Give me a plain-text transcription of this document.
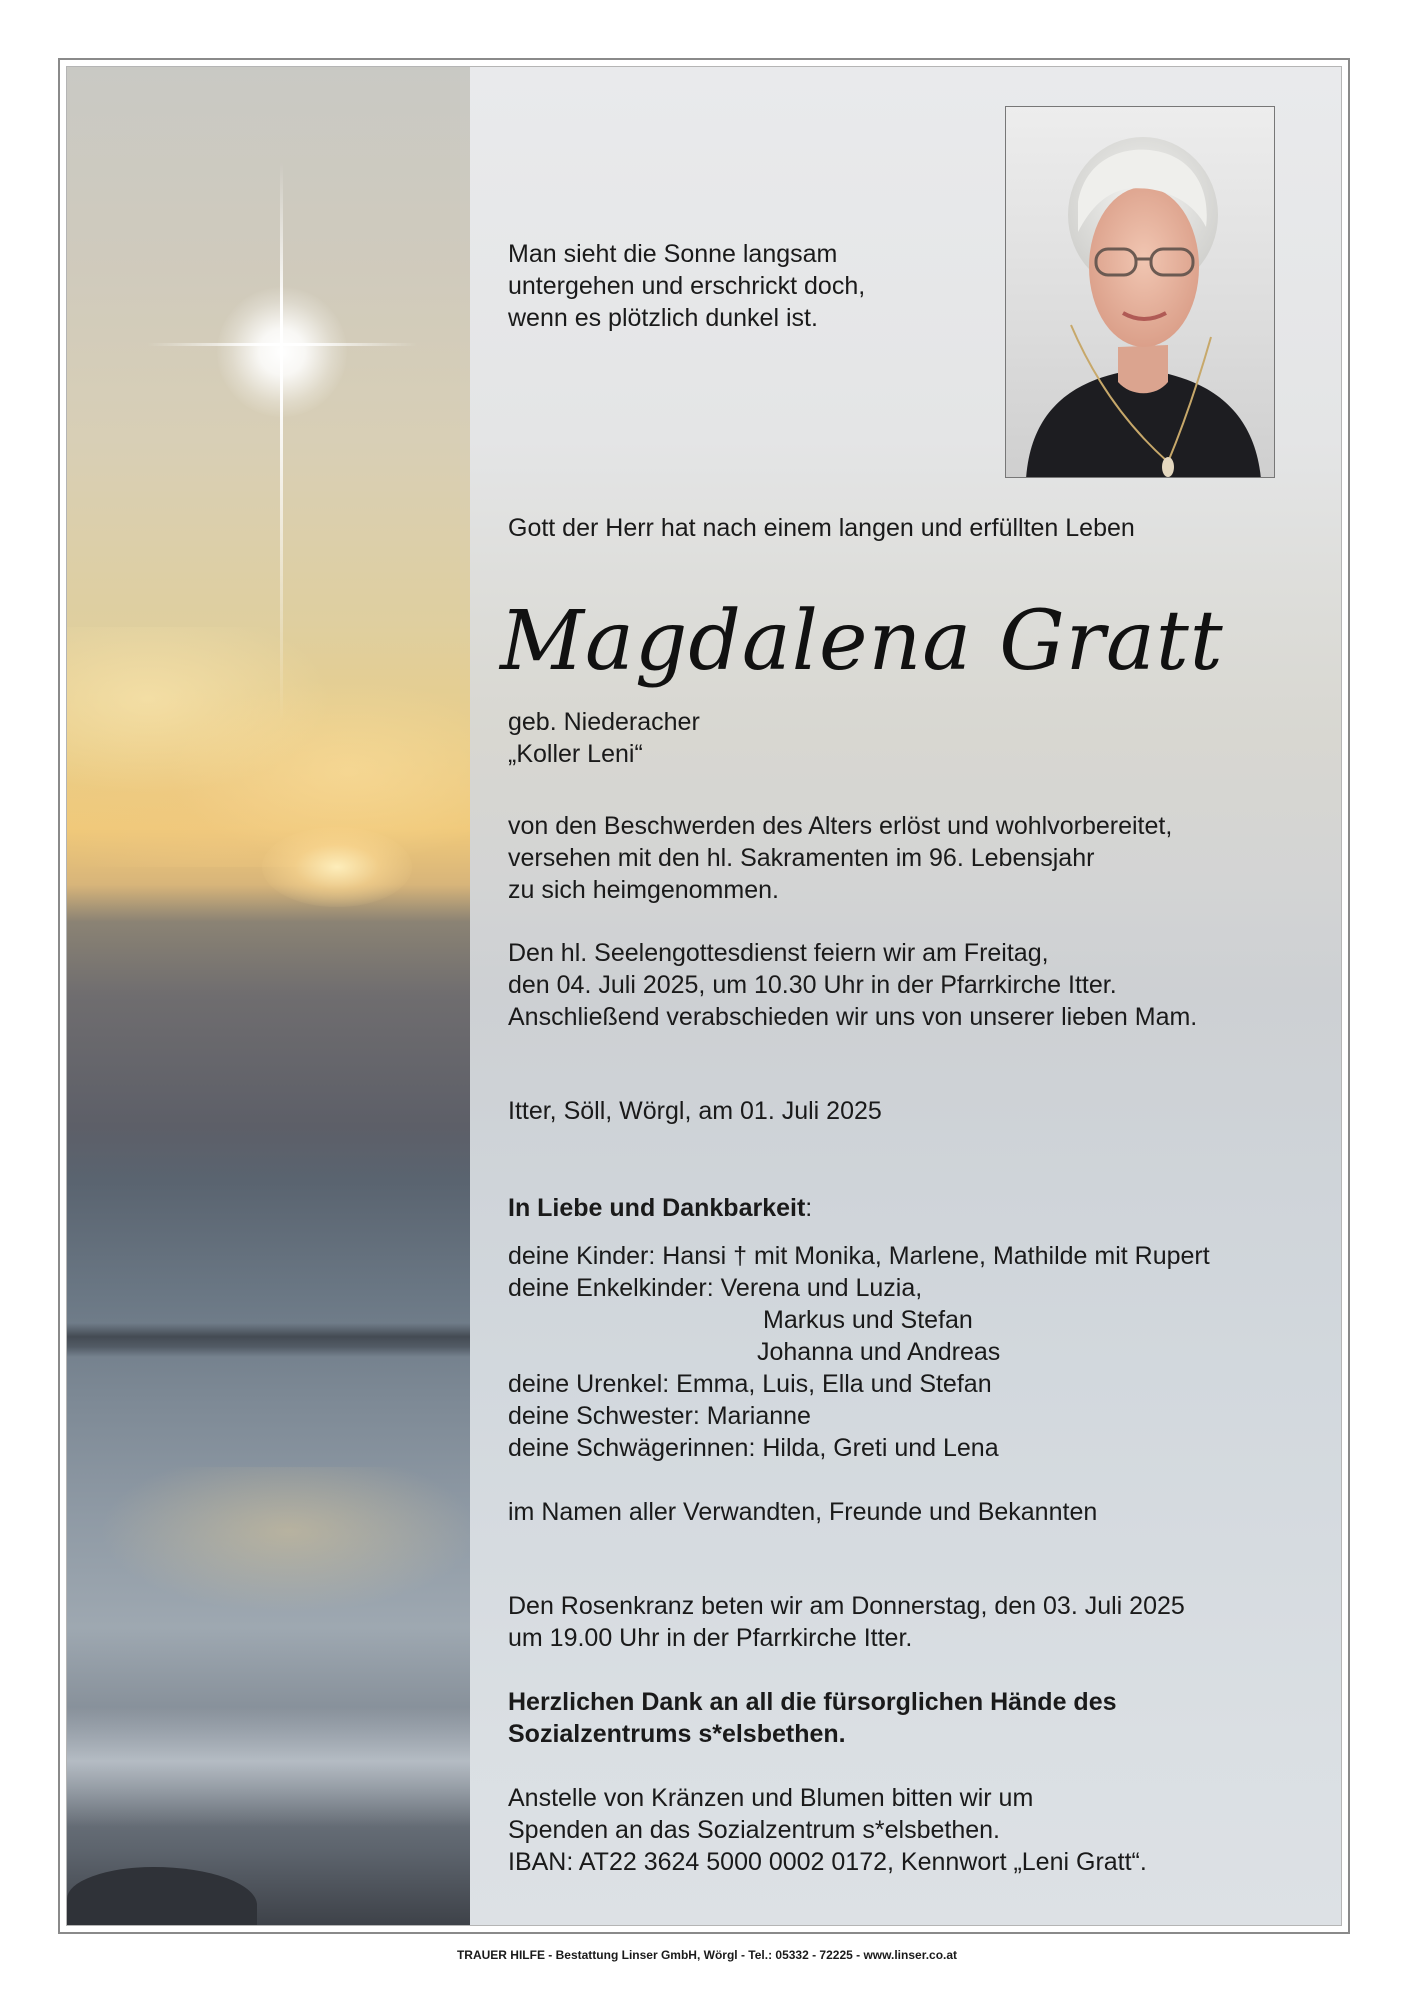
Man sieht die Sonne langsam

untergehen und erschrickt doch,

wenn es plötzlich dunkel ist.

Gott der Herr hat nach einem langen und erfüllten Leben

Magdalena Gratt

geb. Niederacher

„Koller Leni“

von den Beschwerden des Alters erlöst und wohlvorbereitet,

versehen mit den hl. Sakramenten im 96. Lebensjahr

zu sich heimgenommen.

Den hl. Seelengottesdienst feiern wir am Freitag,

den 04. Juli 2025, um 10.30 Uhr in der Pfarrkirche Itter.

Anschließend verabschieden wir uns von unserer lieben Mam.

Itter, Söll, Wörgl, am 01. Juli 2025

In Liebe und Dankbarkeit:

deine Kinder: Hansi † mit Monika, Marlene, Mathilde mit Rupert

deine Enkelkinder: Verena und Luzia,

Markus und Stefan

Johanna und Andreas

deine Urenkel: Emma, Luis, Ella und Stefan

deine Schwester: Marianne

deine Schwägerinnen: Hilda, Greti und Lena

im Namen aller Verwandten, Freunde und Bekannten

Den Rosenkranz beten wir am Donnerstag, den 03. Juli 2025

um 19.00 Uhr in der Pfarrkirche Itter.

Herzlichen Dank an all die fürsorglichen Hände des

Sozialzentrums s*elsbethen.

Anstelle von Kränzen und Blumen bitten wir um

Spenden an das Sozialzentrum s*elsbethen.

IBAN: AT22 3624 5000 0002 0172, Kennwort „Leni Gratt“.

TRAUER HILFE - Bestattung Linser GmbH, Wörgl - Tel.: 05332 - 72225 - www.linser.co.at
